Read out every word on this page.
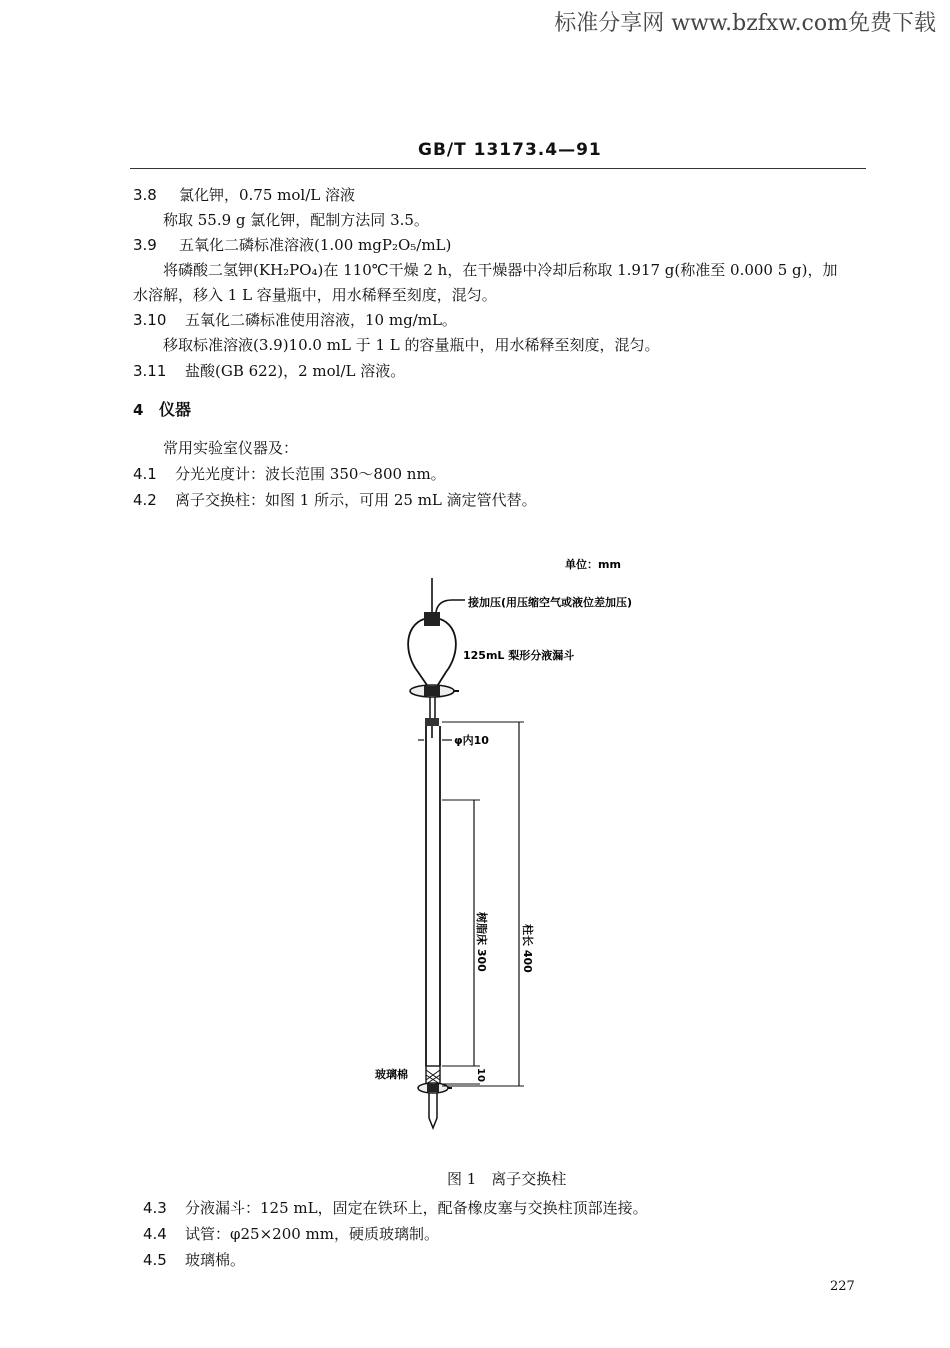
标准分享网 www.bzfxw.com免费下载
GB/T 13173.4—91
3.8 氯化钾，0.75 mol/L 溶液
称取 55.9 g 氯化钾，配制方法同 3.5。
3.9 五氧化二磷标准溶液(1.00 mgP₂O₅/mL)
将磷酸二氢钾(KH₂PO₄)在 110℃干燥 2 h，在干燥器中冷却后称取 1.917 g(称准至 0.000 5 g)，加
水溶解，移入 1 L 容量瓶中，用水稀释至刻度，混匀。
3.10 五氧化二磷标准使用溶液，10 mg/mL。
移取标准溶液(3.9)10.0 mL 于 1 L 的容量瓶中，用水稀释至刻度，混匀。
3.11 盐酸(GB 622)，2 mol/L 溶液。
4 仪器
常用实验室仪器及：
4.1 分光光度计：波长范围 350～800 nm。
4.2 离子交换柱：如图 1 所示，可用 25 mL 滴定管代替。
单位：mm
接加压(用压缩空气或液位差加压)
125mL 梨形分液漏斗
玻璃棉
φ内10
柱长 400
树脂床 300
10
图 1　离子交换柱
4.3 分液漏斗：125 mL，固定在铁环上，配备橡皮塞与交换柱顶部连接。
4.4 试管：φ25×200 mm，硬质玻璃制。
4.5 玻璃棉。
227
